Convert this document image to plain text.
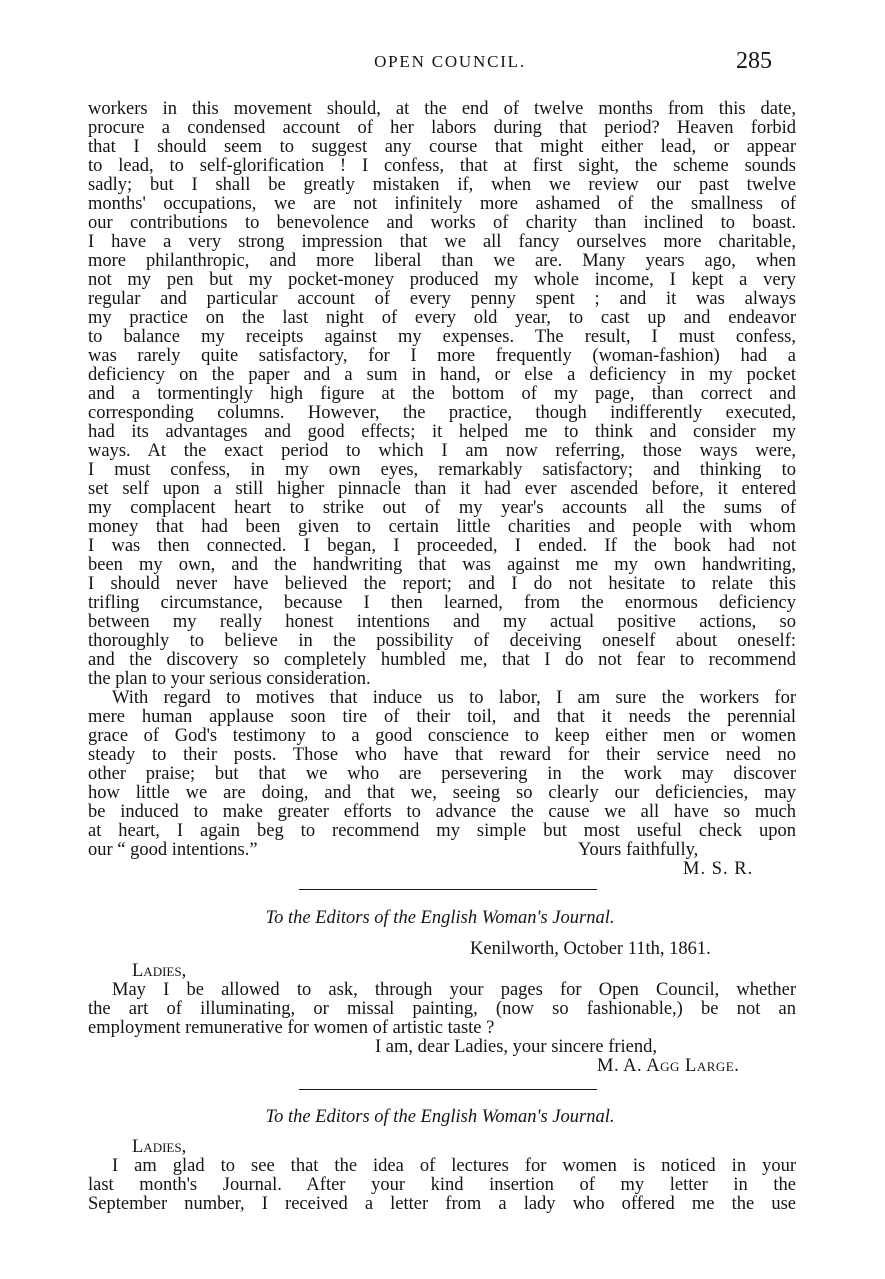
OPEN COUNCIL.	285
workers in this movement should, at the end of twelve months from this date,
procure a condensed account of her labors during that period? Heaven forbid
that I should seem to suggest any course that might either lead, or appear
to lead, to self-glorification ! I confess, that at first sight, the scheme sounds
sadly; but I shall be greatly mistaken if, when we review our past twelve
months' occupations, we are not infinitely more ashamed of the smallness of
our contributions to benevolence and works of charity than inclined to boast.
I have a very strong impression that we all fancy ourselves more charitable,
more philanthropic, and more liberal than we are. Many years ago, when
not my pen but my pocket-money produced my whole income, I kept a very
regular and particular account of every penny spent ; and it was always
my practice on the last night of every old year, to cast up and endeavor
to balance my receipts against my expenses. The result, I must confess,
was rarely quite satisfactory, for I more frequently (woman-fashion) had a
deficiency on the paper and a sum in hand, or else a deficiency in my pocket
and a tormentingly high figure at the bottom of my page, than correct and
corresponding columns. However, the practice, though indifferently executed,
had its advantages and good effects; it helped me to think and consider my
ways. At the exact period to which I am now referring, those ways were,
I must confess, in my own eyes, remarkably satisfactory; and thinking to
set self upon a still higher pinnacle than it had ever ascended before, it entered
my complacent heart to strike out of my year's accounts all the sums of
money that had been given to certain little charities and people with whom
I was then connected. I began, I proceeded, I ended. If the book had not
been my own, and the handwriting that was against me my own handwriting,
I should never have believed the report; and I do not hesitate to relate this
trifling circumstance, because I then learned, from the enormous deficiency
between my really honest intentions and my actual positive actions, so
thoroughly to believe in the possibility of deceiving oneself about oneself:
and the discovery so completely humbled me, that I do not fear to recommend
the plan to your serious consideration.
With regard to motives that induce us to labor, I am sure the workers for
mere human applause soon tire of their toil, and that it needs the perennial
grace of God's testimony to a good conscience to keep either men or women
steady to their posts. Those who have that reward for their service need no
other praise; but that we who are persevering in the work may discover
how little we are doing, and that we, seeing so clearly our deficiencies, may
be induced to make greater efforts to advance the cause we all have so much
at heart, I again beg to recommend my simple but most useful check upon
our “ good intentions.”	Yours faithfully,
M. S. R.
To the Editors of the English Woman's Journal.
Kenilworth, October 11th, 1861.
Ladies,
May I be allowed to ask, through your pages for Open Council, whether
the art of illuminating, or missal painting, (now so fashionable,) be not an
employment remunerative for women of artistic taste ?
I am, dear Ladies, your sincere friend,
M. A. Agg Large.
To the Editors of the English Woman's Journal.
Ladies,
I am glad to see that the idea of lectures for women is noticed in your
last month's Journal. After your kind insertion of my letter in the
September number, I received a letter from a lady who offered me the use
